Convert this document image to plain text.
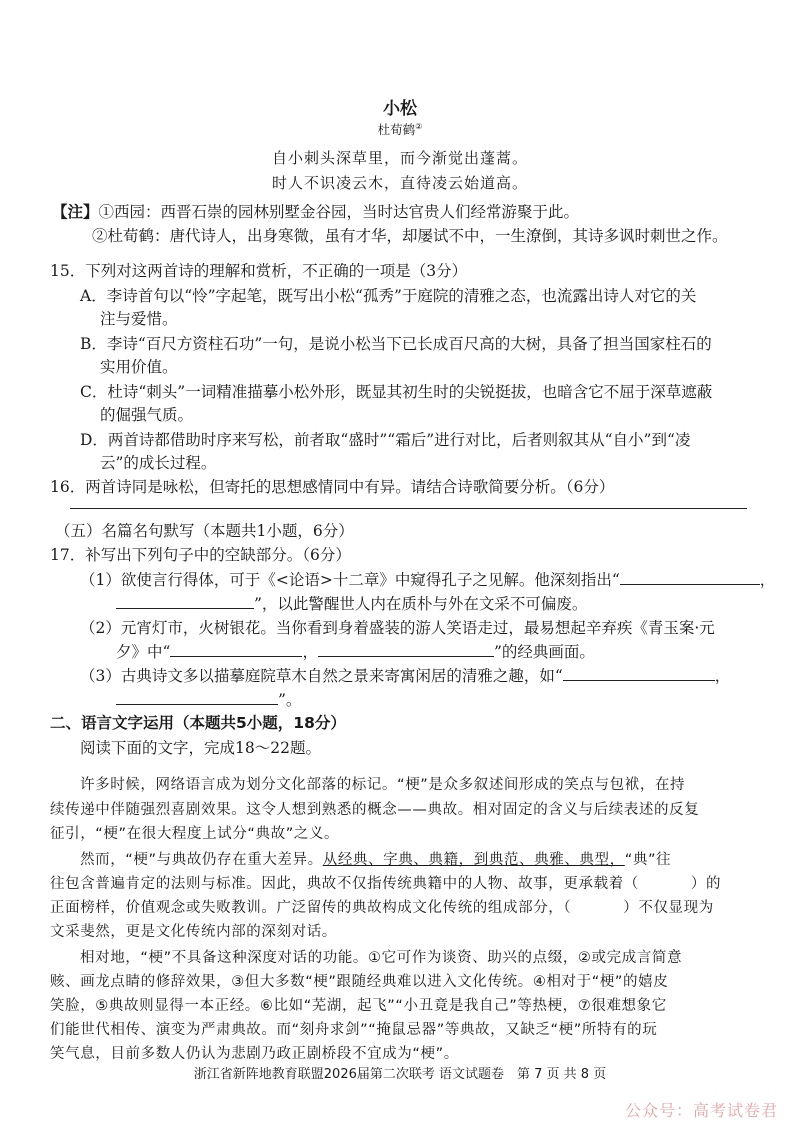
小松
杜荀鹤②
自小刺头深草里，而今渐觉出蓬蒿。
时人不识凌云木，直待凌云始道高。
【注】①西园：西晋石崇的园林别墅金谷园，当时达官贵人们经常游聚于此。
②杜荀鹤：唐代诗人，出身寒微，虽有才华，却屡试不中，一生潦倒，其诗多讽时刺世之作。
15．下列对这两首诗的理解和赏析，不正确的一项是（3分）
A．李诗首句以“怜”字起笔，既写出小松“孤秀”于庭院的清雅之态，也流露出诗人对它的关
注与爱惜。
B．李诗“百尺方资柱石功”一句，是说小松当下已长成百尺高的大树，具备了担当国家柱石的
实用价值。
C．杜诗“刺头”一词精准描摹小松外形，既显其初生时的尖锐挺拔，也暗含它不屈于深草遮蔽
的倔强气质。
D．两首诗都借助时序来写松，前者取“盛时”“霜后”进行对比，后者则叙其从“自小”到“凌
云”的成长过程。
16．两首诗同是咏松，但寄托的思想感情同中有异。请结合诗歌简要分析。（6分）
（五）名篇名句默写（本题共1小题，6分）
17．补写出下列句子中的空缺部分。（6分）
（1）欲使言行得体，可于《<论语>十二章》中窥得孔子之见解。他深刻指出“	，
”，以此警醒世人内在质朴与外在文采不可偏废。
（2）元宵灯市，火树银花。当你看到身着盛装的游人笑语走过，最易想起辛弃疾《青玉案·元
夕》中“	，	”的经典画面。
（3）古典诗文多以描摹庭院草木自然之景来寄寓闲居的清雅之趣，如“	，
”。
二、语言文字运用（本题共5小题，18分）
阅读下面的文字，完成18～22题。
许多时候，网络语言成为划分文化部落的标记。“梗”是众多叙述间形成的笑点与包袱，在持
续传递中伴随强烈喜剧效果。这令人想到熟悉的概念——典故。相对固定的含义与后续表述的反复
征引，“梗”在很大程度上试分“典故”之义。
然而，“梗”与典故仍存在重大差异。从经典、字典、典籍，到典范、典雅、典型，“典”往
往包含普遍肯定的法则与标准。因此，典故不仅指传统典籍中的人物、故事，更承载着（	）的
正面榜样，价值观念或失败教训。广泛留传的典故构成文化传统的组成部分，（	）不仅显现为
文采斐然，更是文化传统内部的深刻对话。
相对地，“梗”不具备这种深度对话的功能。①它可作为谈资、助兴的点缀，②或完成言简意
赅、画龙点睛的修辞效果，③但大多数“梗”跟随经典难以进入文化传统。④相对于“梗”的嬉皮
笑脸，⑤典故则显得一本正经。⑥比如“芜湖，起飞”“小丑竟是我自己”等热梗，⑦很难想象它
们能世代相传、演变为严肃典故。而“刻舟求剑”“掩鼠忌器”等典故，又缺乏“梗”所特有的玩
笑气息，目前多数人仍认为悲剧乃政正剧桥段不宜成为“梗”。
浙江省新阵地教育联盟2026届第二次联考 语文试题卷　第 7 页 共 8 页
公众号：高考试卷君
